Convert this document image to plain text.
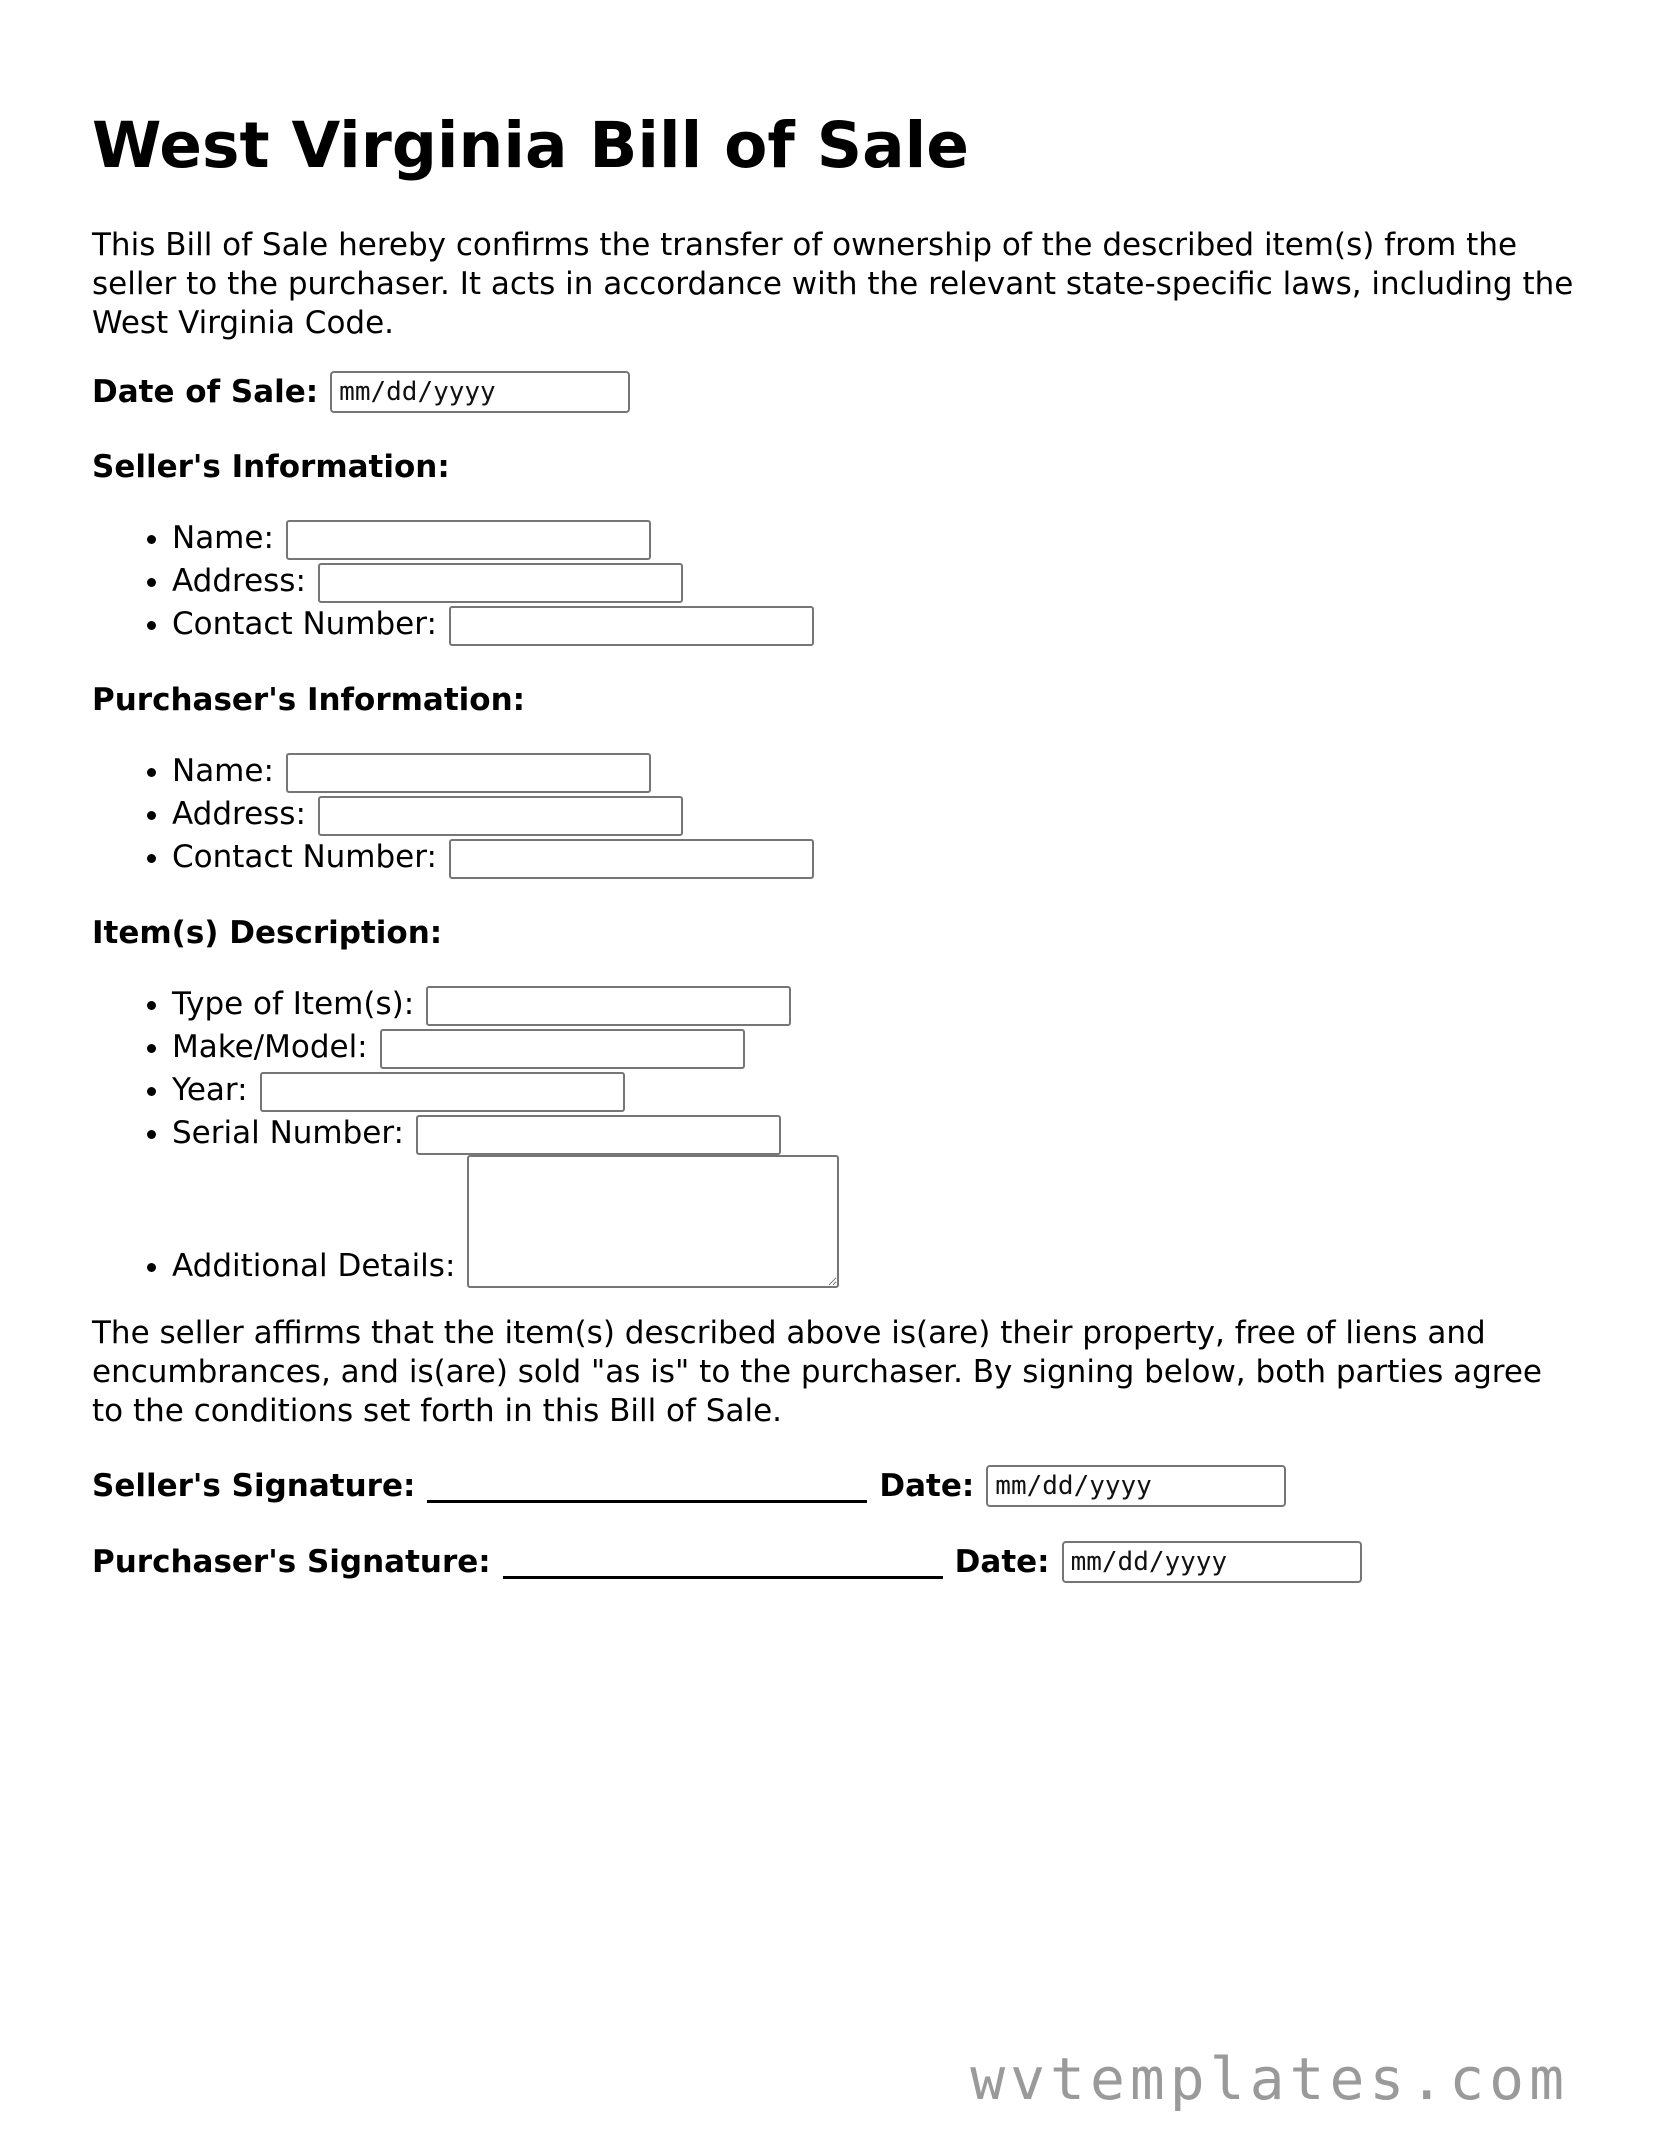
West Virginia Bill of Sale

This Bill of Sale hereby confirms the transfer of ownership of the described item(s) from the seller to the purchaser. It acts in accordance with the relevant state-specific laws, including the West Virginia Code.

Date of Sale:
mm/dd/yyyy
Seller's Information:
• Name:
• Address:
• Contact Number:
Purchaser's Information:
• Name:
• Address:
• Contact Number:
Item(s) Description:
• Type of Item(s):
• Make/Model:
• Year:
• Serial Number:
• Additional Details:

The seller affirms that the item(s) described above is(are) their property, free of liens and encumbrances, and is(are) sold "as is" to the purchaser. By signing below, both parties agree to the conditions set forth in this Bill of Sale.

Seller's Signature:	Date:
mm/dd/yyyy
Purchaser's Signature:	Date:
mm/dd/yyyy
wvtemplates.com
